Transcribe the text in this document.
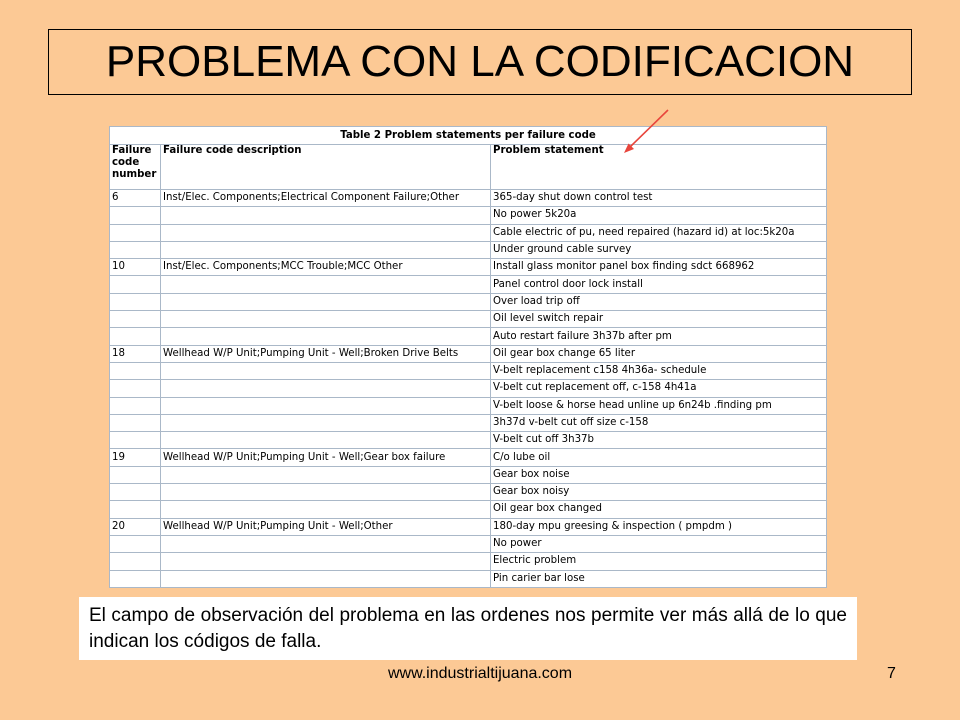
PROBLEMA CON LA CODIFICACION
Table 2 Problem statements per failure code		
Failure code number	Failure code description	Problem statement
6	Inst/Elec. Components;Electrical Component Failure;Other	365-day shut down control test
		No power 5k20a
		Cable electric of pu, need repaired (hazard id) at loc:5k20a
		Under ground cable survey
10	Inst/Elec. Components;MCC Trouble;MCC Other	Install glass monitor panel box finding sdct 668962
		Panel control door lock install
		Over load trip off
		Oil level switch repair
		Auto restart failure 3h37b after pm
18	Wellhead W/P Unit;Pumping Unit - Well;Broken Drive Belts	Oil gear box change 65 liter
		V-belt replacement c158 4h36a- schedule
		V-belt cut replacement off, c-158 4h41a
		V-belt loose & horse head unline up 6n24b .finding pm
		3h37d v-belt cut off size c-158
		V-belt cut off 3h37b
19	Wellhead W/P Unit;Pumping Unit - Well;Gear box failure	C/o lube oil
		Gear box noise
		Gear box noisy
		Oil gear box changed
20	Wellhead W/P Unit;Pumping Unit - Well;Other	180-day mpu greesing & inspection ( pmpdm )
		No power
		Electric problem
		Pin carier bar lose
El campo de observación del problema en las ordenes nos permite ver más allá de lo que indican los códigos de falla.
www.industrialtijuana.com	7
